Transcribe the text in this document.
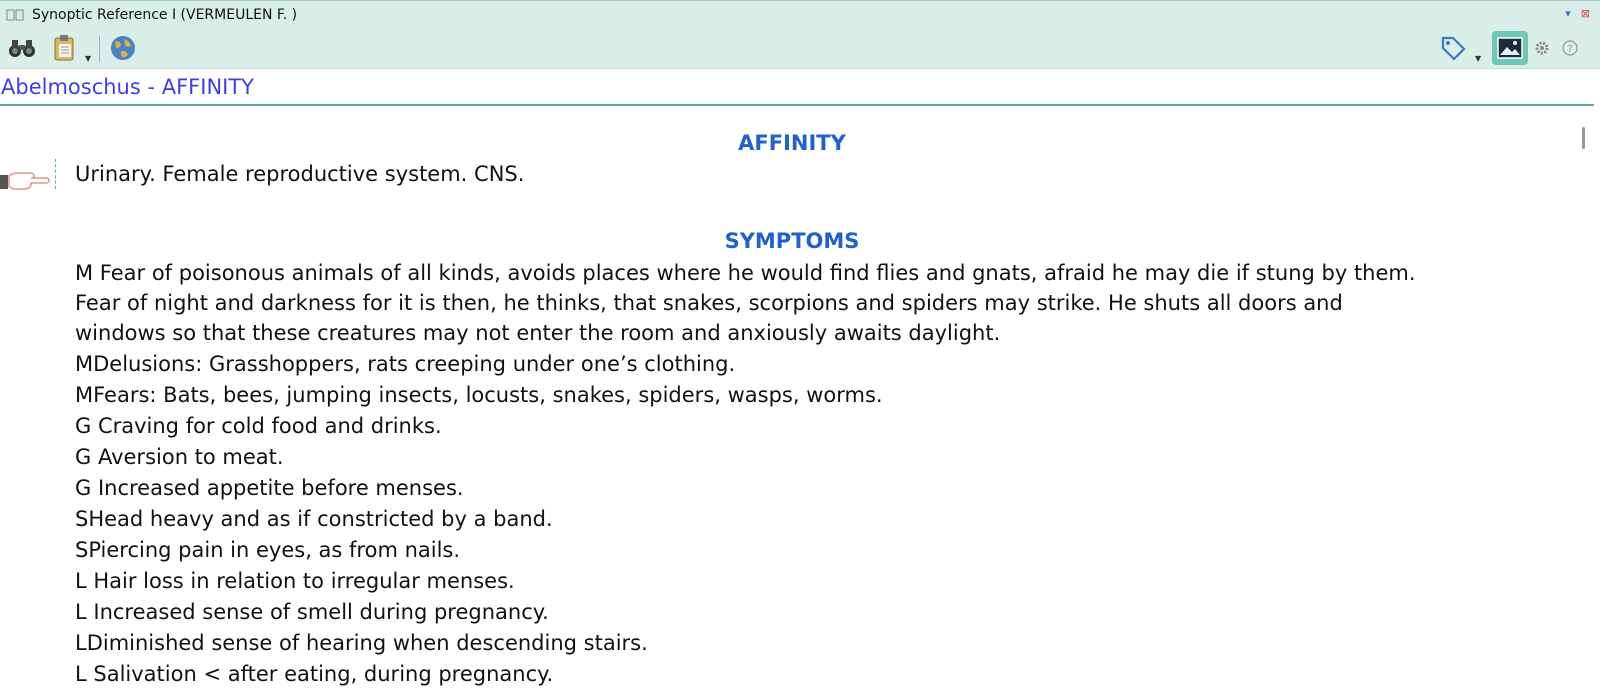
Synoptic Reference I (VERMEULEN F. )	▾ ⊠
▼	▼
?
Abelmoschus - AFFINITY
AFFINITY
Urinary. Female reproductive system. CNS.
SYMPTOMS
M Fear of poisonous animals of all kinds, avoids places where he would find flies and gnats, afraid he may die if stung by them.
Fear of night and darkness for it is then, he thinks, that snakes, scorpions and spiders may strike. He shuts all doors and
windows so that these creatures may not enter the room and anxiously awaits daylight.
MDelusions: Grasshoppers, rats creeping under one’s clothing.
MFears: Bats, bees, jumping insects, locusts, snakes, spiders, wasps, worms.
G Craving for cold food and drinks.
G Aversion to meat.
G Increased appetite before menses.
SHead heavy and as if constricted by a band.
SPiercing pain in eyes, as from nails.
L Hair loss in relation to irregular menses.
L Increased sense of smell during pregnancy.
LDiminished sense of hearing when descending stairs.
L Salivation < after eating, during pregnancy.
